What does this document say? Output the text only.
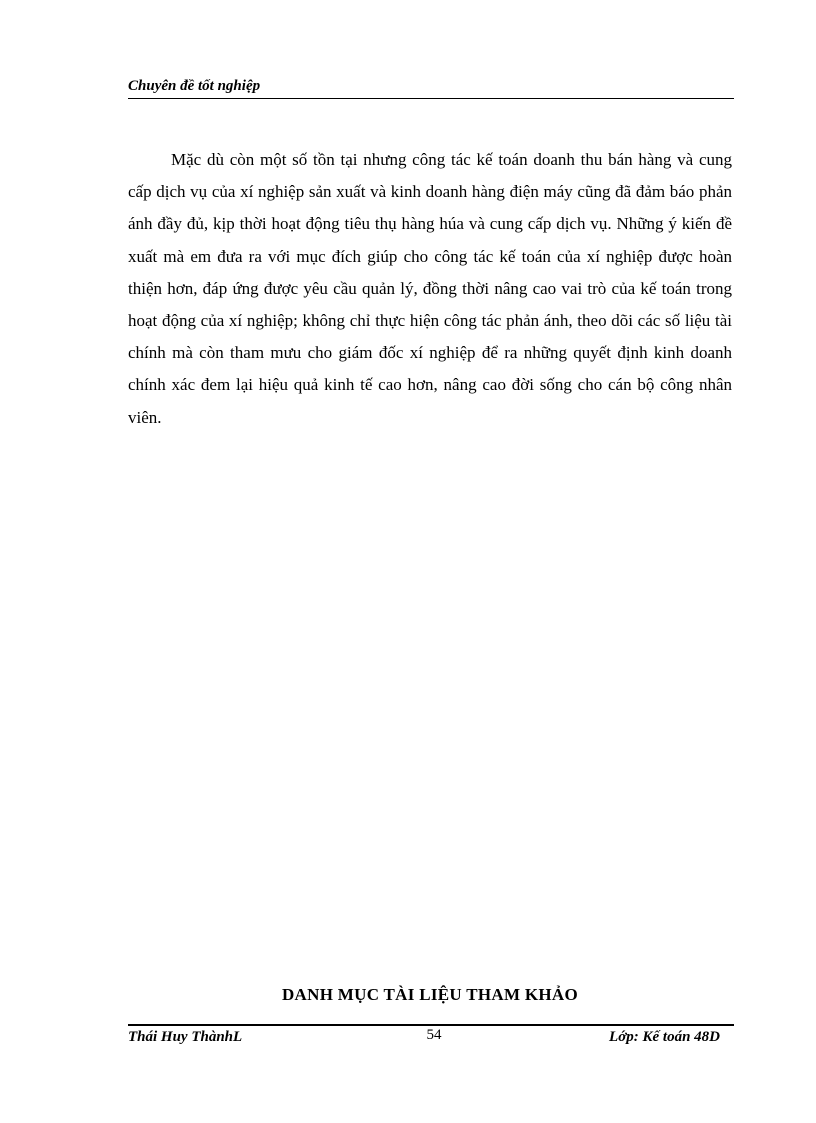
Chuyên đề tốt nghiệp

Mặc dù còn một số tồn tại nhưng công tác kế toán doanh thu bán hàng và cung cấp dịch vụ của xí nghiệp sản xuất và kinh doanh hàng điện máy cũng đã đảm báo phản ánh đầy đủ, kịp thời hoạt động tiêu thụ hàng húa và cung cấp dịch vụ. Những ý kiến đề xuất mà em đưa ra với mục đích giúp cho công tác kế toán của xí nghiệp được hoàn thiện hơn, đáp ứng được yêu cầu quản lý, đồng thời nâng cao vai trò của kế toán trong hoạt động của xí nghiệp; không chỉ thực hiện công tác phản ánh, theo dõi các số liệu tài chính mà còn tham mưu cho giám đốc xí nghiệp để ra những quyết định kinh doanh chính xác đem lại hiệu quả kinh tế cao hơn, nâng cao đời sống cho cán bộ công nhân viên.

DANH MỤC TÀI LIỆU THAM KHẢO
Thái Huy ThànhL	54	Lớp: Kế toán 48D
